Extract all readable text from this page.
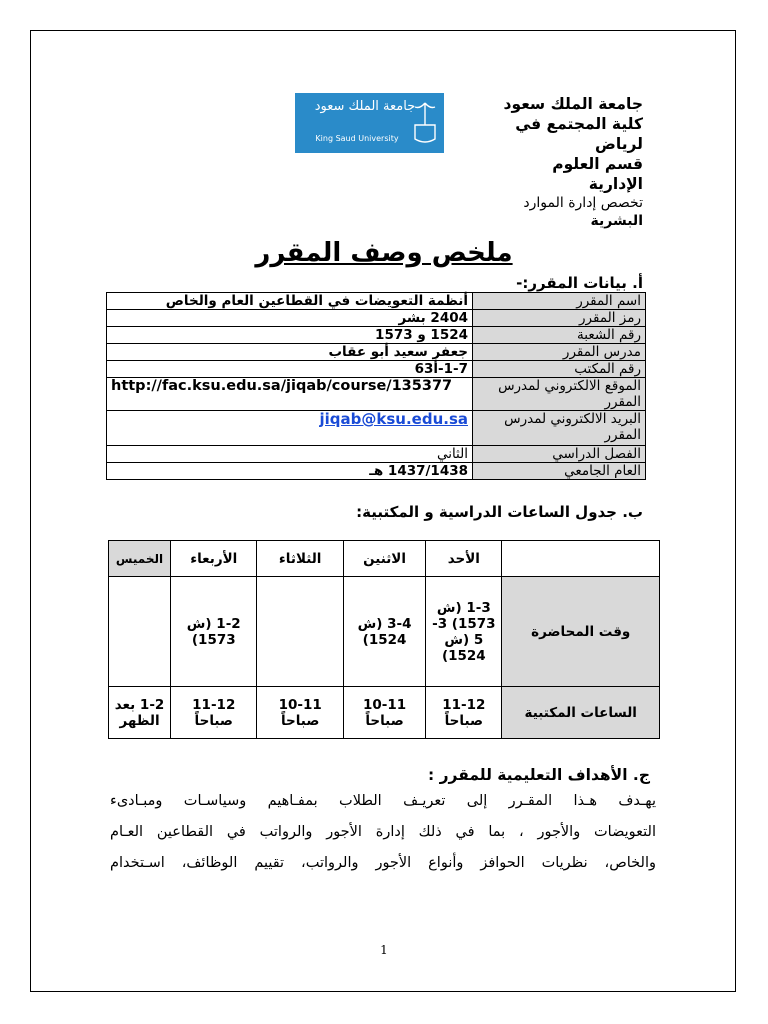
جامعة الملك سعود
King Saud University
جامعة الملك سعود
كلية المجتمع في
لرياض
قسم العلوم
الإدارية
تخصص إدارة الموارد
البشرية
ملخص وصف المقرر
أ. بيانات المقرر:-
اسم المقرر	أنظمة التعويضات في القطاعين العام والخاص
رمز المقرر	2404 بشر
رقم الشعبة	1524 و 1573
مدرس المقرر	جعفر سعيد أبو عقاب
رقم المكتب	1-7-أ63
الموقع الالكتروني لمدرس المقرر	http://fac.ksu.edu.sa/jiqab/course/135377
البريد الالكتروني لمدرس المقرر	jiqab@ksu.edu.sa
الفصل الدراسي	الثاني
العام الجامعي	1437/1438 هـ
ب. جدول الساعات الدراسية و المكتبية:
	الأحد	الاثنين	الثلاثاء	الأربعاء	الخميس
وقت المحاضرة	1-3 (ش 1573) 3-5 (ش 1524)	3-4 (ش 1524)		1-2 (ش 1573)	
الساعات المكتبية	11-12 صباحاً	10-11 صباحاً	10-11 صباحاً	11-12 صباحاً	1-2 بعد الظهر
ج. الأهداف التعليمية للمقرر :
يهـدف هـذا المقـرر إلى تعريـف الطلاب بمفـاهيم وسياسـات ومبـادىء
التعويضات والأجور ، بما في ذلك إدارة الأجور والرواتب في القطاعين العـام
والخاص، نظريات الحوافز وأنواع الأجور والرواتب، تقييم الوظائف، اسـتخدام
1
